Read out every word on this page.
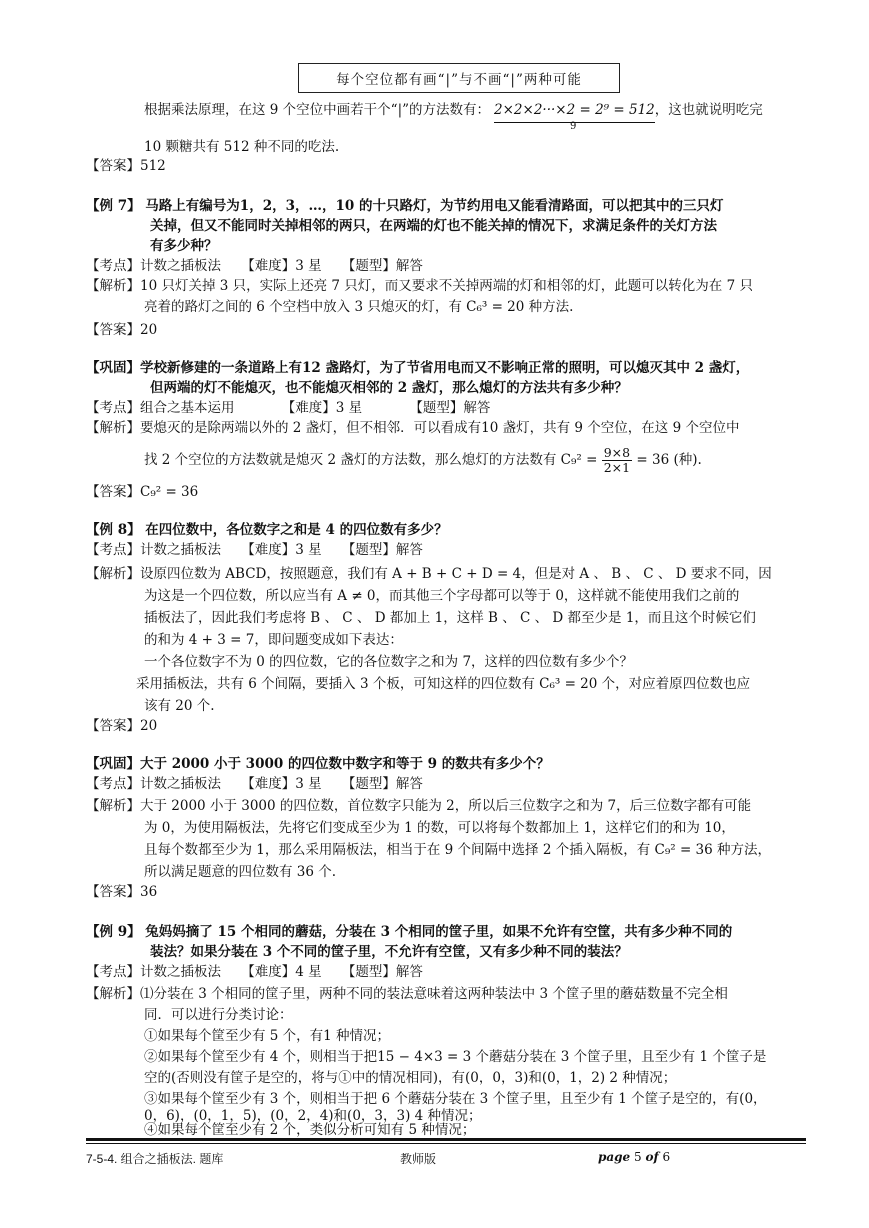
每个空位都有画“|”与不画“|”两种可能
根据乘法原理，在这 9 个空位中画若干个“|”的方法数有： 2×2×2···×2 = 2⁹ = 512，这也就说明吃完
9
10 颗糖共有 512 种不同的吃法.
【答案】512
【例 7】 马路上有编号为1，2，3，…，10 的十只路灯，为节约用电又能看清路面，可以把其中的三只灯
关掉，但又不能同时关掉相邻的两只，在两端的灯也不能关掉的情况下，求满足条件的关灯方法
有多少种？
【考点】计数之插板法　　【难度】3 星　　【题型】解答
【解析】10 只灯关掉 3 只，实际上还亮 7 只灯，而又要求不关掉两端的灯和相邻的灯，此题可以转化为在 7 只
亮着的路灯之间的 6 个空档中放入 3 只熄灭的灯，有 C₆³ = 20 种方法.
【答案】20
【巩固】学校新修建的一条道路上有12 盏路灯，为了节省用电而又不影响正常的照明，可以熄灭其中 2 盏灯，
但两端的灯不能熄灭，也不能熄灭相邻的 2 盏灯，那么熄灯的方法共有多少种？
【考点】组合之基本运用　　　　【难度】3 星　　　　【题型】解答
【解析】要熄灭的是除两端以外的 2 盏灯，但不相邻．可以看成有10 盏灯，共有 9 个空位，在这 9 个空位中
找 2 个空位的方法数就是熄灭 2 盏灯的方法数，那么熄灯的方法数有 $C_9^2 = \frac{9\times 8}{2\times 1} = 36$ (种).
【答案】C₉² = 36
【例 8】 在四位数中，各位数字之和是 4 的四位数有多少？
【考点】计数之插板法　　【难度】3 星　　【题型】解答
【解析】设原四位数为 ABCD，按照题意，我们有 A + B + C + D = 4，但是对 A 、 B 、 C 、 D 要求不同，因
为这是一个四位数，所以应当有 A ≠ 0，而其他三个字母都可以等于 0，这样就不能使用我们之前的
插板法了，因此我们考虑将 B 、 C 、 D 都加上 1，这样 B 、 C 、 D 都至少是 1，而且这个时候它们
的和为 4 + 3 = 7，即问题变成如下表达：
一个各位数字不为 0 的四位数，它的各位数字之和为 7，这样的四位数有多少个？
采用插板法，共有 6 个间隔，要插入 3 个板，可知这样的四位数有 C₆³ = 20 个，对应着原四位数也应
该有 20 个.
【答案】20
【巩固】大于 2000 小于 3000 的四位数中数字和等于 9 的数共有多少个？
【考点】计数之插板法　　【难度】3 星　　【题型】解答
【解析】大于 2000 小于 3000 的四位数，首位数字只能为 2，所以后三位数字之和为 7，后三位数字都有可能
为 0，为使用隔板法，先将它们变成至少为 1 的数，可以将每个数都加上 1，这样它们的和为 10，
且每个数都至少为 1，那么采用隔板法，相当于在 9 个间隔中选择 2 个插入隔板，有 C₉² = 36 种方法，
所以满足题意的四位数有 36 个.
【答案】36
【例 9】 兔妈妈摘了 15 个相同的蘑菇，分装在 3 个相同的筐子里，如果不允许有空筐，共有多少种不同的
装法？如果分装在 3 个不同的筐子里，不允许有空筐，又有多少种不同的装法？
【考点】计数之插板法　　【难度】4 星　　【题型】解答
【解析】⑴分装在 3 个相同的筐子里，两种不同的装法意味着这两种装法中 3 个筐子里的蘑菇数量不完全相
同．可以进行分类讨论：
①如果每个筐至少有 5 个，有1 种情况；
②如果每个筐至少有 4 个，则相当于把15 − 4×3 = 3 个蘑菇分装在 3 个筐子里，且至少有 1 个筐子是
空的(否则没有筐子是空的，将与①中的情况相同)，有(0，0，3)和(0，1，2) 2 种情况；
③如果每个筐至少有 3 个，则相当于把 6 个蘑菇分装在 3 个筐子里，且至少有 1 个筐子是空的，有(0，
0，6)，(0，1，5)，(0，2，4)和(0，3，3) 4 种情况；
④如果每个筐至少有 2 个，类似分析可知有 5 种情况；
7-5-4. 组合之插板法. 题库	教师版	page 5 of 6
